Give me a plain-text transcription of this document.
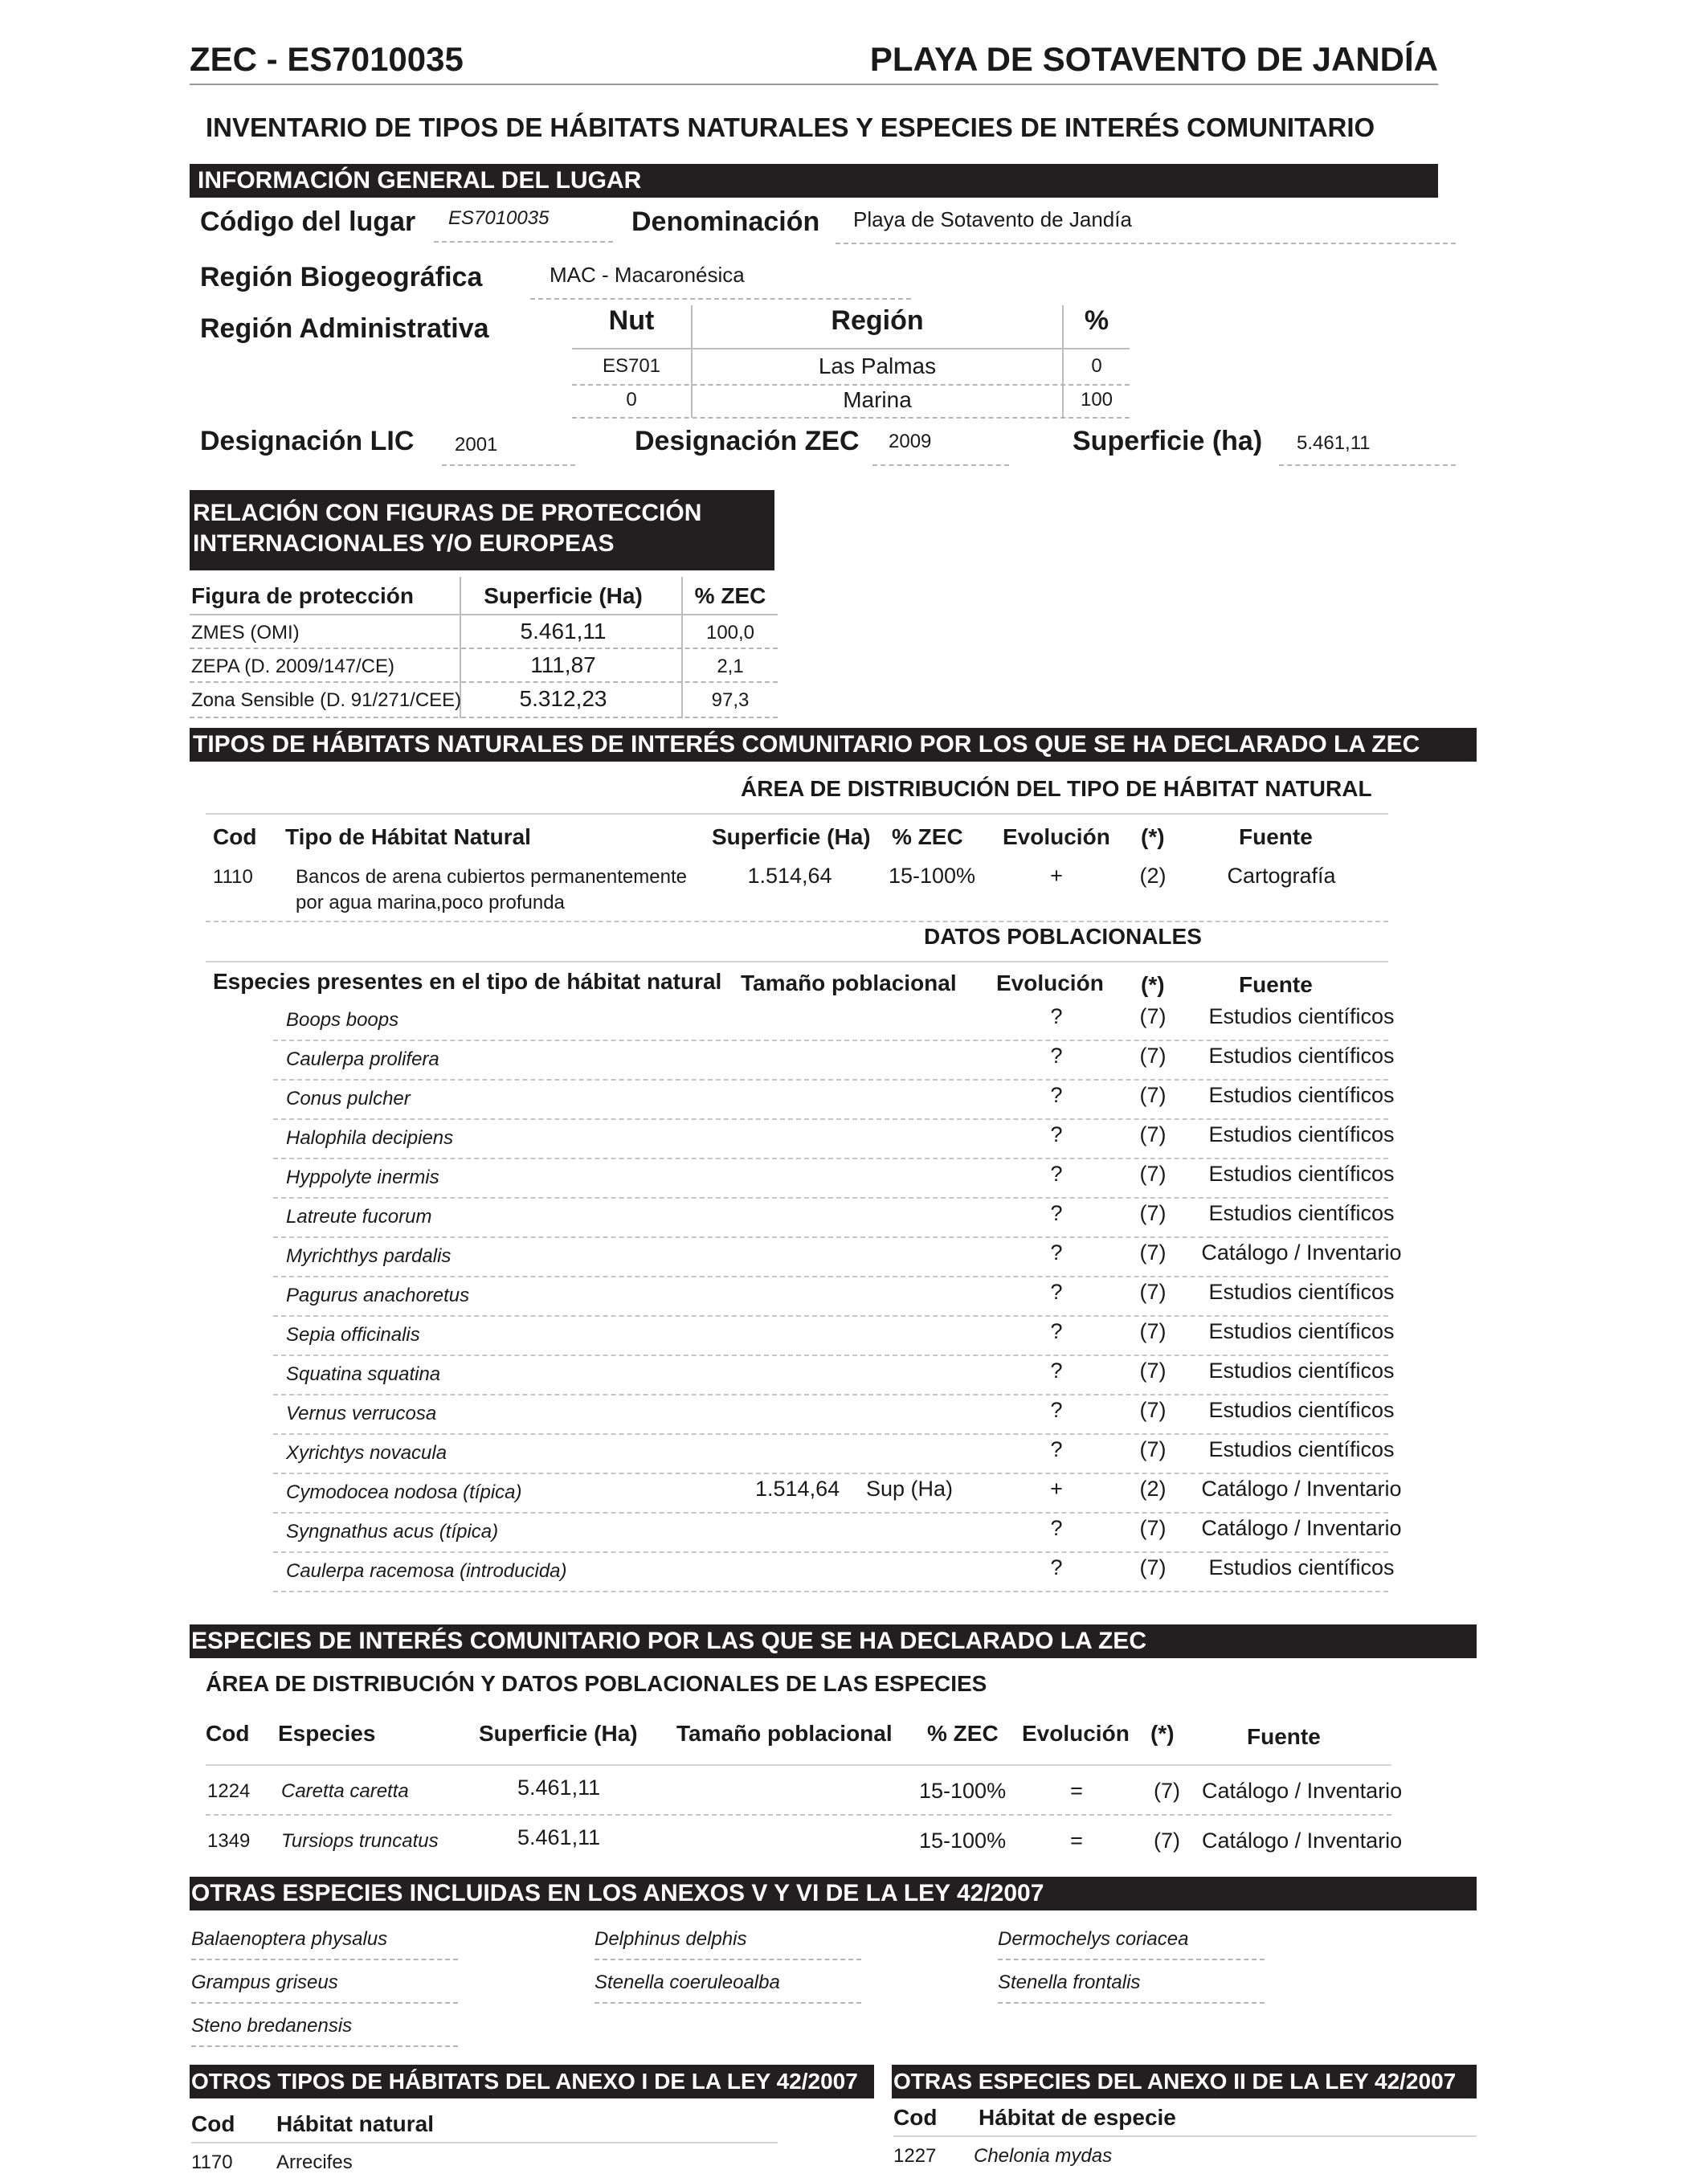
ZEC - ES7010035	PLAYA DE SOTAVENTO DE JANDÍA
INVENTARIO DE TIPOS DE HÁBITATS NATURALES Y ESPECIES DE INTERÉS COMUNITARIO
INFORMACIÓN GENERAL DEL LUGAR
Código del lugar	ES7010035	Denominación	Playa de Sotavento de Jandía
Región Biogeográfica	MAC - Macaronésica
Región Administrativa	Nut	Región	%
ES701	Las Palmas	0
0	Marina	100
Designación LIC	2001	Designación ZEC	2009	Superficie (ha)	5.461,11
RELACIÓN CON FIGURAS DE PROTECCIÓN
INTERNACIONALES Y/O EUROPEAS
Figura de protección	Superficie (Ha)	% ZEC
ZMES (OMI)	5.461,11	100,0
ZEPA (D. 2009/147/CE)	111,87	2,1
Zona Sensible (D. 91/271/CEE)	5.312,23	97,3
TIPOS DE HÁBITATS NATURALES DE INTERÉS COMUNITARIO POR LOS QUE SE HA DECLARADO LA ZEC
ÁREA DE DISTRIBUCIÓN DEL TIPO DE HÁBITAT NATURAL
Cod Tipo de Hábitat Natural	Superficie (Ha) % ZEC Evolución (*)	Fuente
1110 Bancos de arena cubiertos permanentemente
por agua marina,poco profunda
1.514,64	15-100%	+	(2)	Cartografía
DATOS POBLACIONALES
Especies presentes en el tipo de hábitat natural Tamaño poblacional Evolución (*)	Fuente
Boops boops	?	(7)	Estudios científicos
Caulerpa prolifera	?	(7)	Estudios científicos
Conus pulcher	?	(7)	Estudios científicos
Halophila decipiens	?	(7)	Estudios científicos
Hyppolyte inermis	?	(7)	Estudios científicos
Latreute fucorum	?	(7)	Estudios científicos
Myrichthys pardalis	?	(7)	Catálogo / Inventario
Pagurus anachoretus	?	(7)	Estudios científicos
Sepia officinalis	?	(7)	Estudios científicos
Squatina squatina	?	(7)	Estudios científicos
Vernus verrucosa	?	(7)	Estudios científicos
Xyrichtys novacula	?	(7)	Estudios científicos
Cymodocea nodosa (típica)	1.514,64 Sup (Ha)	+	(2)	Catálogo / Inventario
Syngnathus acus (típica)	?	(7)	Catálogo / Inventario
Caulerpa racemosa (introducida)	?	(7)	Estudios científicos
ESPECIES DE INTERÉS COMUNITARIO POR LAS QUE SE HA DECLARADO LA ZEC
ÁREA DE DISTRIBUCIÓN Y DATOS POBLACIONALES DE LAS ESPECIES
Cod Especies	Superficie (Ha) Tamaño poblacional % ZEC Evolución (*)	Fuente
1224 Caretta caretta	5.461,11	15-100%	=	(7) Catálogo / Inventario
1349 Tursiops truncatus	5.461,11	15-100%	=	(7) Catálogo / Inventario
OTRAS ESPECIES INCLUIDAS EN LOS ANEXOS V Y VI DE LA LEY 42/2007
Balaenoptera physalus	Delphinus delphis	Dermochelys coriacea
Grampus griseus	Stenella coeruleoalba	Stenella frontalis
Steno bredanensis
OTROS TIPOS DE HÁBITATS DEL ANEXO I DE LA LEY 42/2007
Cod Hábitat natural
1170 Arrecifes
OTRAS ESPECIES DEL ANEXO II DE LA LEY 42/2007
Cod Hábitat de especie
1227 Chelonia mydas
